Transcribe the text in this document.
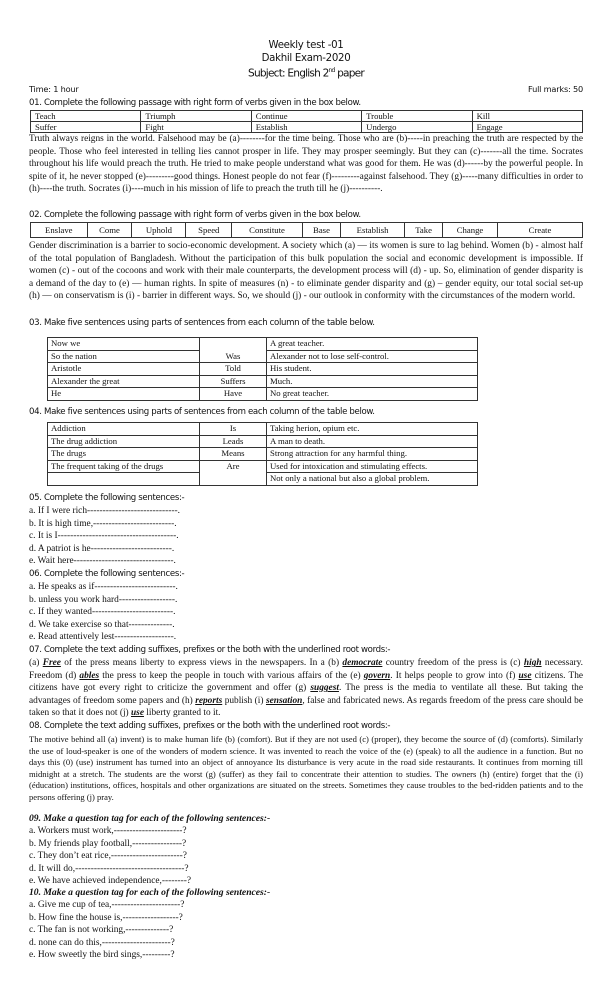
Weekly test -01
Dakhil Exam-2020
Subject: English 2nd paper
Time: 1 hour	Full marks: 50
01. Complete the following passage with right form of verbs given in the box below.
Teach	Triumph	Continue	Trouble	Kill
Suffer	Fight	Establish	Undergo	Engage
Truth always reigns in the world. Falsehood may be (a)--------for the time being. Those who are (b)-----in preaching the truth are respected by the people. Those who feel interested in telling lies cannot prosper in life. They may prosper seemingly. But they can (c)-------all the time. Socrates throughout his life would preach the truth. He tried to make people understand what was good for them. He was (d)------by the powerful people. In spite of it, he never stopped (e)---------good things. Honest people do not fear (f)---------against falsehood. They (g)-----many difficulties in order to (h)----the truth. Socrates (i)----much in his mission of life to preach the truth till he (j)----------.
02. Complete the following passage with right form of verbs given in the box below.
Enslave	Come	Uphold	Speed	Constitute	Base	Establish	Take	Change	Create
Gender discrimination is a barrier to socio-economic development. A society which (a) — its women is sure to lag behind. Women (b) - almost half of the total population of Bangladesh. Without the participation of this bulk population the social and economic development is impossible. If women (c) - out of the cocoons and work with their male counterparts, the development process will (d) - up. So, elimination of gender disparity is a demand of the day to (e) — human rights. In spite of measures (n) - to eliminate gender disparity and (g) – gender equity, our total social set-up (h) — on conservatism is (i) - barrier in different ways. So, we should (j) - our outlook in conformity with the circumstances of the modern world.
03. Make five sentences using parts of sentences from each column of the table below.
Now we	Was	A great teacher.
So the nation		Alexander not to lose self-control.
Aristotle	Told	His student.
Alexander the great	Suffers	Much.
He	Have	No great teacher.
04. Make five sentences using parts of sentences from each column of the table below.
Addiction	Is	Taking herion, opium etc.
The drug addiction	Leads	A man to death.
The drugs	Means	Strong attraction for any harmful thing.
The frequent taking of the drugs	Are	Used for intoxication and stimulating effects.
		Not only a national but also a global problem.
05. Complete the following sentences:-
a. If I were rich-----------------------------.
b. It is high time,--------------------------.
c. It is I--------------------------------------.
d. A patriot is he--------------------------.
e. Wait here--------------------------------.
06. Complete the following sentences:-
a. He speaks as if--------------------------.
b. unless you work hard------------------.
c. If they wanted--------------------------.
d. We take exercise so that--------------.
e. Read attentively lest-------------------.
07. Complete the text adding suffixes, prefixes or the both with the underlined root words:-
(a) Free of the press means liberty to express views in the newspapers. In a (b) democrate country freedom of the press is (c) high necessary. Freedom (d) ables the press to keep the people in touch with various affairs of the (e) govern. It helps people to grow into (f) use citizens. The citizens have got every right to criticize the government and offer (g) suggest. The press is the media to ventilate all these. But taking the advantages of freedom some papers and (h) reports publish (i) sensation, false and fabricated news. As regards freedom of the press care should be taken so that it does not (j) use liberty granted to it.
08. Complete the text adding suffixes, prefixes or the both with the underlined root words:-
The motive behind all (a) invent) is to make human life (b) (comfort). But if they are not used (c) (proper), they become the source of (d) (comforts). Similarly the use of loud-speaker is one of the wonders of modern science. It was invented to reach the voice of the (e) (speak) to all the audience in a function. But no days this (0) (use) instrument has turned into an object of annoyance Its disturbance is very acute in the road side restaurants. It continues from morning till midnight at a stretch. The students are the worst (g) (suffer) as they fail to concentrate their attention to studies. The owners (h) (entire) forget that the (i) (éducation) institutions, offices, hospitals and other organizations are situated on the streets. Sometimes they cause troubles to the bed-ridden patients and to the persons offering (j) pray.
09. Make a question tag for each of the following sentences:-
a. Workers must work,----------------------?
b. My friends play football,----------------?
c. They don’t eat rice,-----------------------?
d. It will do,-----------------------------------?
e. We have achieved independence,--------?
10. Make a question tag for each of the following sentences:-
a. Give me cup of tea,----------------------?
b. How fine the house is,------------------?
c. The fan is not working,--------------?
d. none can do this,----------------------?
e. How sweetly the bird sings,---------?
